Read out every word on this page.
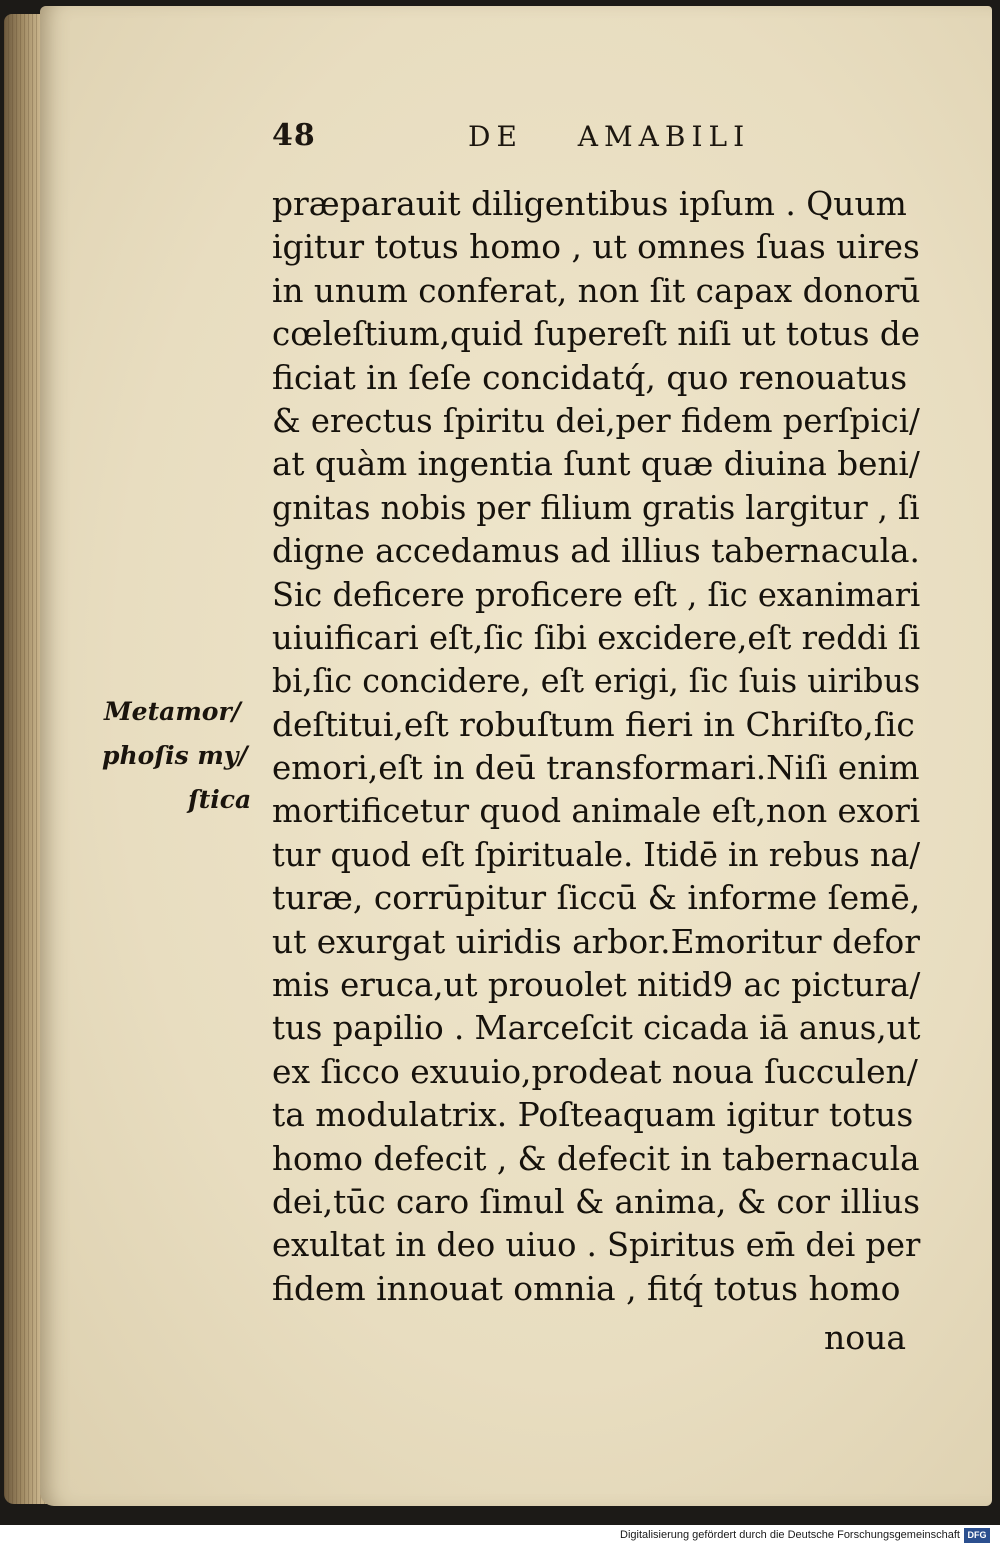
48	DE AMABILI
Metamor/
phoſis my/
ſtica
præparauit diligentibus ipſum . Quum
igitur totus homo , ut omnes ſuas uires
in unum conferat, non ſit capax donorū
cœleſtium,quid ſupereſt niſi ut totus de
ficiat in ſeſe concidatq́, quo renouatus
& erectus ſpiritu dei,per fidem perſpici/
at quàm ingentia ſunt quæ diuina beni/
gnitas nobis per filium gratis largitur , ſi
digne accedamus ad illius tabernacula.
Sic deficere proficere eſt , ſic exanimari
uiuificari eſt,ſic ſibi excidere,eſt reddi ſi
bi,ſic concidere, eſt erigi, ſic ſuis uiribus
deſtitui,eſt robuſtum fieri in Chriſto,ſic
emori,eſt in deū transformari.Niſi enim
mortificetur quod animale eſt,non exori
tur quod eſt ſpirituale. Itidē in rebus na/
turæ, corrūpitur ſiccū & informe ſemē,
ut exurgat uiridis arbor.Emoritur defor
mis eruca,ut prouolet nitid9 ac pictura/
tus papilio . Marceſcit cicada iā anus,ut
ex ſicco exuuio,prodeat noua ſucculen/
ta modulatrix. Poſteaquam igitur totus
homo defecit , & defecit in tabernacula
dei,tūc caro ſimul & anima, & cor illius
exultat in deo uiuo . Spiritus em̄ dei per
fidem innouat omnia , fitq́ totus homo
noua
Digitalisierung gefördert durch die Deutsche Forschungsgemeinschaft DFG
